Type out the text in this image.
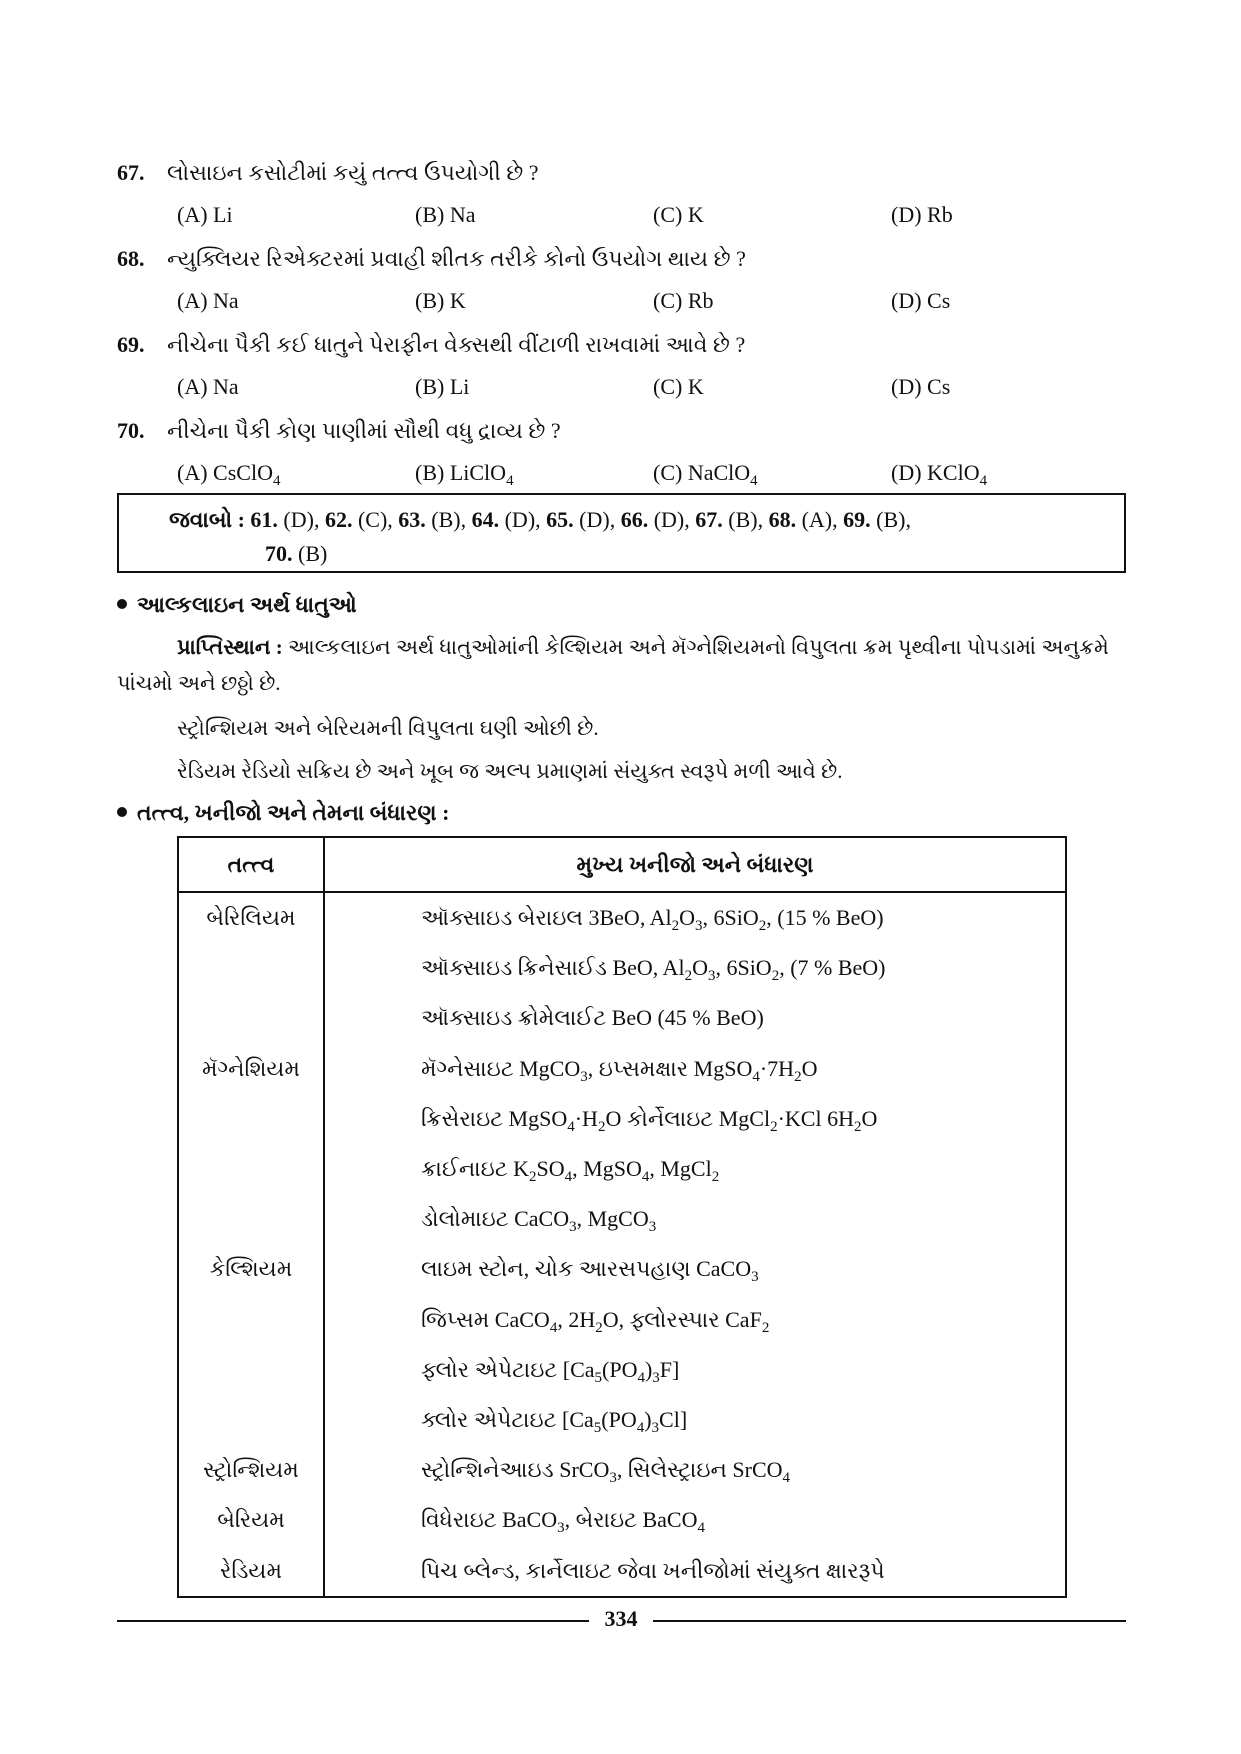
67. લોસાઇન કસોટીમાં કયું તત્ત્વ ઉપયોગી છે ?
(A) Li	(B) Na	(C) K	(D) Rb
68. ન્યુક્લિયર રિએક્ટરમાં પ્રવાહી શીતક તરીકે કોનો ઉપયોગ થાય છે ?
(A) Na	(B) K	(C) Rb	(D) Cs
69. નીચેના પૈકી કઈ ધાતુને પેરાફીન વેક્સથી વીંટાળી રાખવામાં આવે છે ?
(A) Na	(B) Li	(C) K	(D) Cs
70. નીચેના પૈકી કોણ પાણીમાં સૌથી વધુ દ્રાવ્ય છે ?
(A) CsClO$_4$	(B) LiClO$_4$	(C) NaClO$_4$	(D) KClO$_4$
જવાબો : 61. (D), 62. (C), 63. (B), 64. (D), 65. (D), 66. (D), 67. (B), 68. (A), 69. (B),
70. (B)
આલ્કલાઇન અર્થ ધાતુઓ
પ્રાપ્તિસ્થાન : આલ્કલાઇન અર્થ ધાતુઓમાંની કેલ્શિયમ અને મૅગ્નેશિયમનો વિપુલતા ક્રમ પૃથ્વીના પોપડામાં અનુક્રમે
પાંચમો અને છઠ્ઠો છે.
સ્ટ્રોન્શિયમ અને બેરિયમની વિપુલતા ઘણી ઓછી છે.
રેડિયમ રેડિયો સક્રિય છે અને ખૂબ જ અલ્પ પ્રમાણમાં સંયુક્ત સ્વરૂપે મળી આવે છે.
તત્ત્વ, ખનીજો અને તેમના બંધારણ :
તત્ત્વ	મુખ્ય ખનીજો અને બંધારણ
બેરિલિયમ	ઑક્સાઇડ બેરાઇલ 3BeO, $Al_2O_3$, 6SiO$_2$, (15 % BeO)
	ઑક્સાઇડ ક્રિનેસાઈડ BeO, $Al_2O_3$, 6SiO$_2$, (7 % BeO)
	ઑક્સાઇડ ક્રોમેલાઈટ BeO (45 % BeO)
મૅગ્નેશિયમ	મૅગ્નેસાઇટ MgCO$_3$, ઇપ્સમક્ષાર $MgSO_4\cdot 7H_2O$
	ક્રિસેરાઇટ $MgSO_4\cdot H_2O$ કોર્નેલાઇટ MgCl$_2$·KCl $6H_2O$
	ક્રાઈનાઇટ $K_2SO_4$, MgSO$_4$, MgCl$_2$
	ડોલોમાઇટ CaCO$_3$, MgCO$_3$
કેલ્શિયમ	લાઇમ સ્ટોન, ચોક આરસપહાણ CaCO$_3$
	જિપ્સમ CaCO$_4$, $2H_2O$, ફ્લોરસ્પાર CaF$_2$
	ફ્લોર એપેટાઇટ $[Ca_5(PO_4)_3F]$
	ક્લોર એપેટાઇટ $[Ca_5(PO_4)_3Cl]$
સ્ટ્રોન્શિયમ	સ્ટ્રોન્શિનેઆઇડ SrCO$_3$, સિલેસ્ટ્રાઇન SrCO$_4$
બેરિયમ	વિધેરાઇટ BaCO$_3$, બેરાઇટ BaCO$_4$
રેડિયમ	પિચ બ્લેન્ડ, કાર્નેલાઇટ જેવા ખનીજોમાં સંયુક્ત ક્ષારરૂપે
334
